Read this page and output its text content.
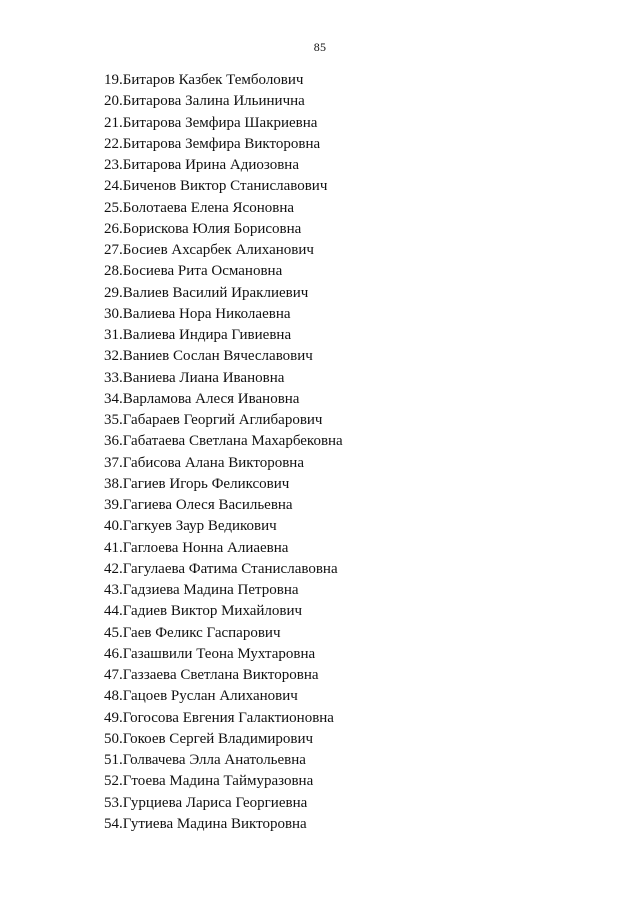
85
19.Битаров Казбек Темболович
20.Битарова Залина Ильинична
21.Битарова Земфира Шакриевна
22.Битарова Земфира Викторовна
23.Битарова Ирина Адиозовна
24.Биченов Виктор Станиславович
25.Болотаева Елена Ясоновна
26.Борискова Юлия Борисовна
27.Босиев Ахсарбек Алиханович
28.Босиева Рита Османовна
29.Валиев Василий Ираклиевич
30.Валиева Нора Николаевна
31.Валиева Индира Гивиевна
32.Ваниев Сослан Вячеславович
33.Ваниева Лиана Ивановна
34.Варламова Алеся Ивановна
35.Габараев Георгий Аглибарович
36.Габатаева Светлана Махарбековна
37.Габисова Алана Викторовна
38.Гагиев Игорь Феликсович
39.Гагиева Олеся Васильевна
40.Гагкуев Заур Ведикович
41.Гаглоева Нонна Алиаевна
42.Гагулаева Фатима Станиславовна
43.Гадзиева Мадина Петровна
44.Гадиев Виктор Михайлович
45.Гаев Феликс Гаспарович
46.Газашвили Теона Мухтаровна
47.Газзаева Светлана Викторовна
48.Гацоев Руслан Алиханович
49.Гогосова Евгения Галактионовна
50.Гокоев Сергей Владимирович
51.Голвачева Элла Анатольевна
52.Гтоева Мадина Таймуразовна
53.Гурциева Лариса Георгиевна
54.Гутиева Мадина Викторовна
